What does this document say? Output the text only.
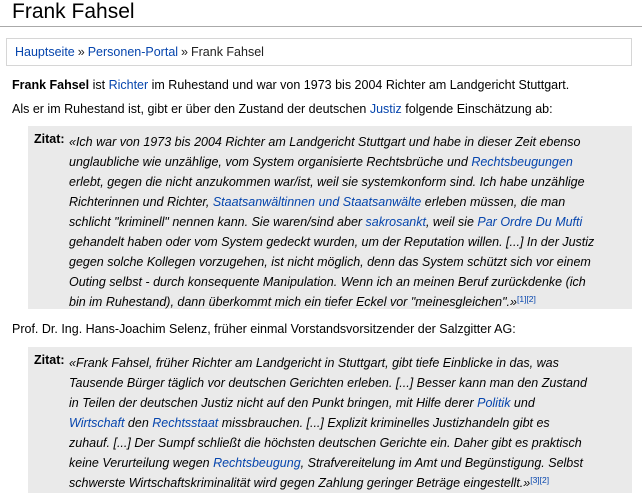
Frank Fahsel
Hauptseite » Personen-Portal » Frank Fahsel
Frank Fahsel ist Richter im Ruhestand und war von 1973 bis 2004 Richter am Landgericht Stuttgart.
Als er im Ruhestand ist, gibt er über den Zustand der deutschen Justiz folgende Einschätzung ab:
Zitat: «Ich war von 1973 bis 2004 Richter am Landgericht Stuttgart und habe in dieser Zeit ebenso
unglaubliche wie unzählige, vom System organisierte Rechtsbrüche und Rechtsbeugungen
erlebt, gegen die nicht anzukommen war/ist, weil sie systemkonform sind. Ich habe unzählige
Richterinnen und Richter, Staatsanwältinnen und Staatsanwälte erleben müssen, die man
schlicht "kriminell" nennen kann. Sie waren/sind aber sakrosankt, weil sie Par Ordre Du Mufti
gehandelt haben oder vom System gedeckt wurden, um der Reputation willen. [...] In der Justiz
gegen solche Kollegen vorzugehen, ist nicht möglich, denn das System schützt sich vor einem
Outing selbst - durch konsequente Manipulation. Wenn ich an meinen Beruf zurückdenke (ich
bin im Ruhestand), dann überkommt mich ein tiefer Eckel vor "meinesgleichen".»[1][2]
Prof. Dr. Ing. Hans-Joachim Selenz, früher einmal Vorstandsvorsitzender der Salzgitter AG:
Zitat: «Frank Fahsel, früher Richter am Landgericht in Stuttgart, gibt tiefe Einblicke in das, was
Tausende Bürger täglich vor deutschen Gerichten erleben. [...] Besser kann man den Zustand
in Teilen der deutschen Justiz nicht auf den Punkt bringen, mit Hilfe derer Politik und
Wirtschaft den Rechtsstaat missbrauchen. [...] Explizit kriminelles Justizhandeln gibt es
zuhauf. [...] Der Sumpf schließt die höchsten deutschen Gerichte ein. Daher gibt es praktisch
keine Verurteilung wegen Rechtsbeugung, Strafvereitelung im Amt und Begünstigung. Selbst
schwerste Wirtschaftskriminalität wird gegen Zahlung geringer Beträge eingestellt.»[3][2]
